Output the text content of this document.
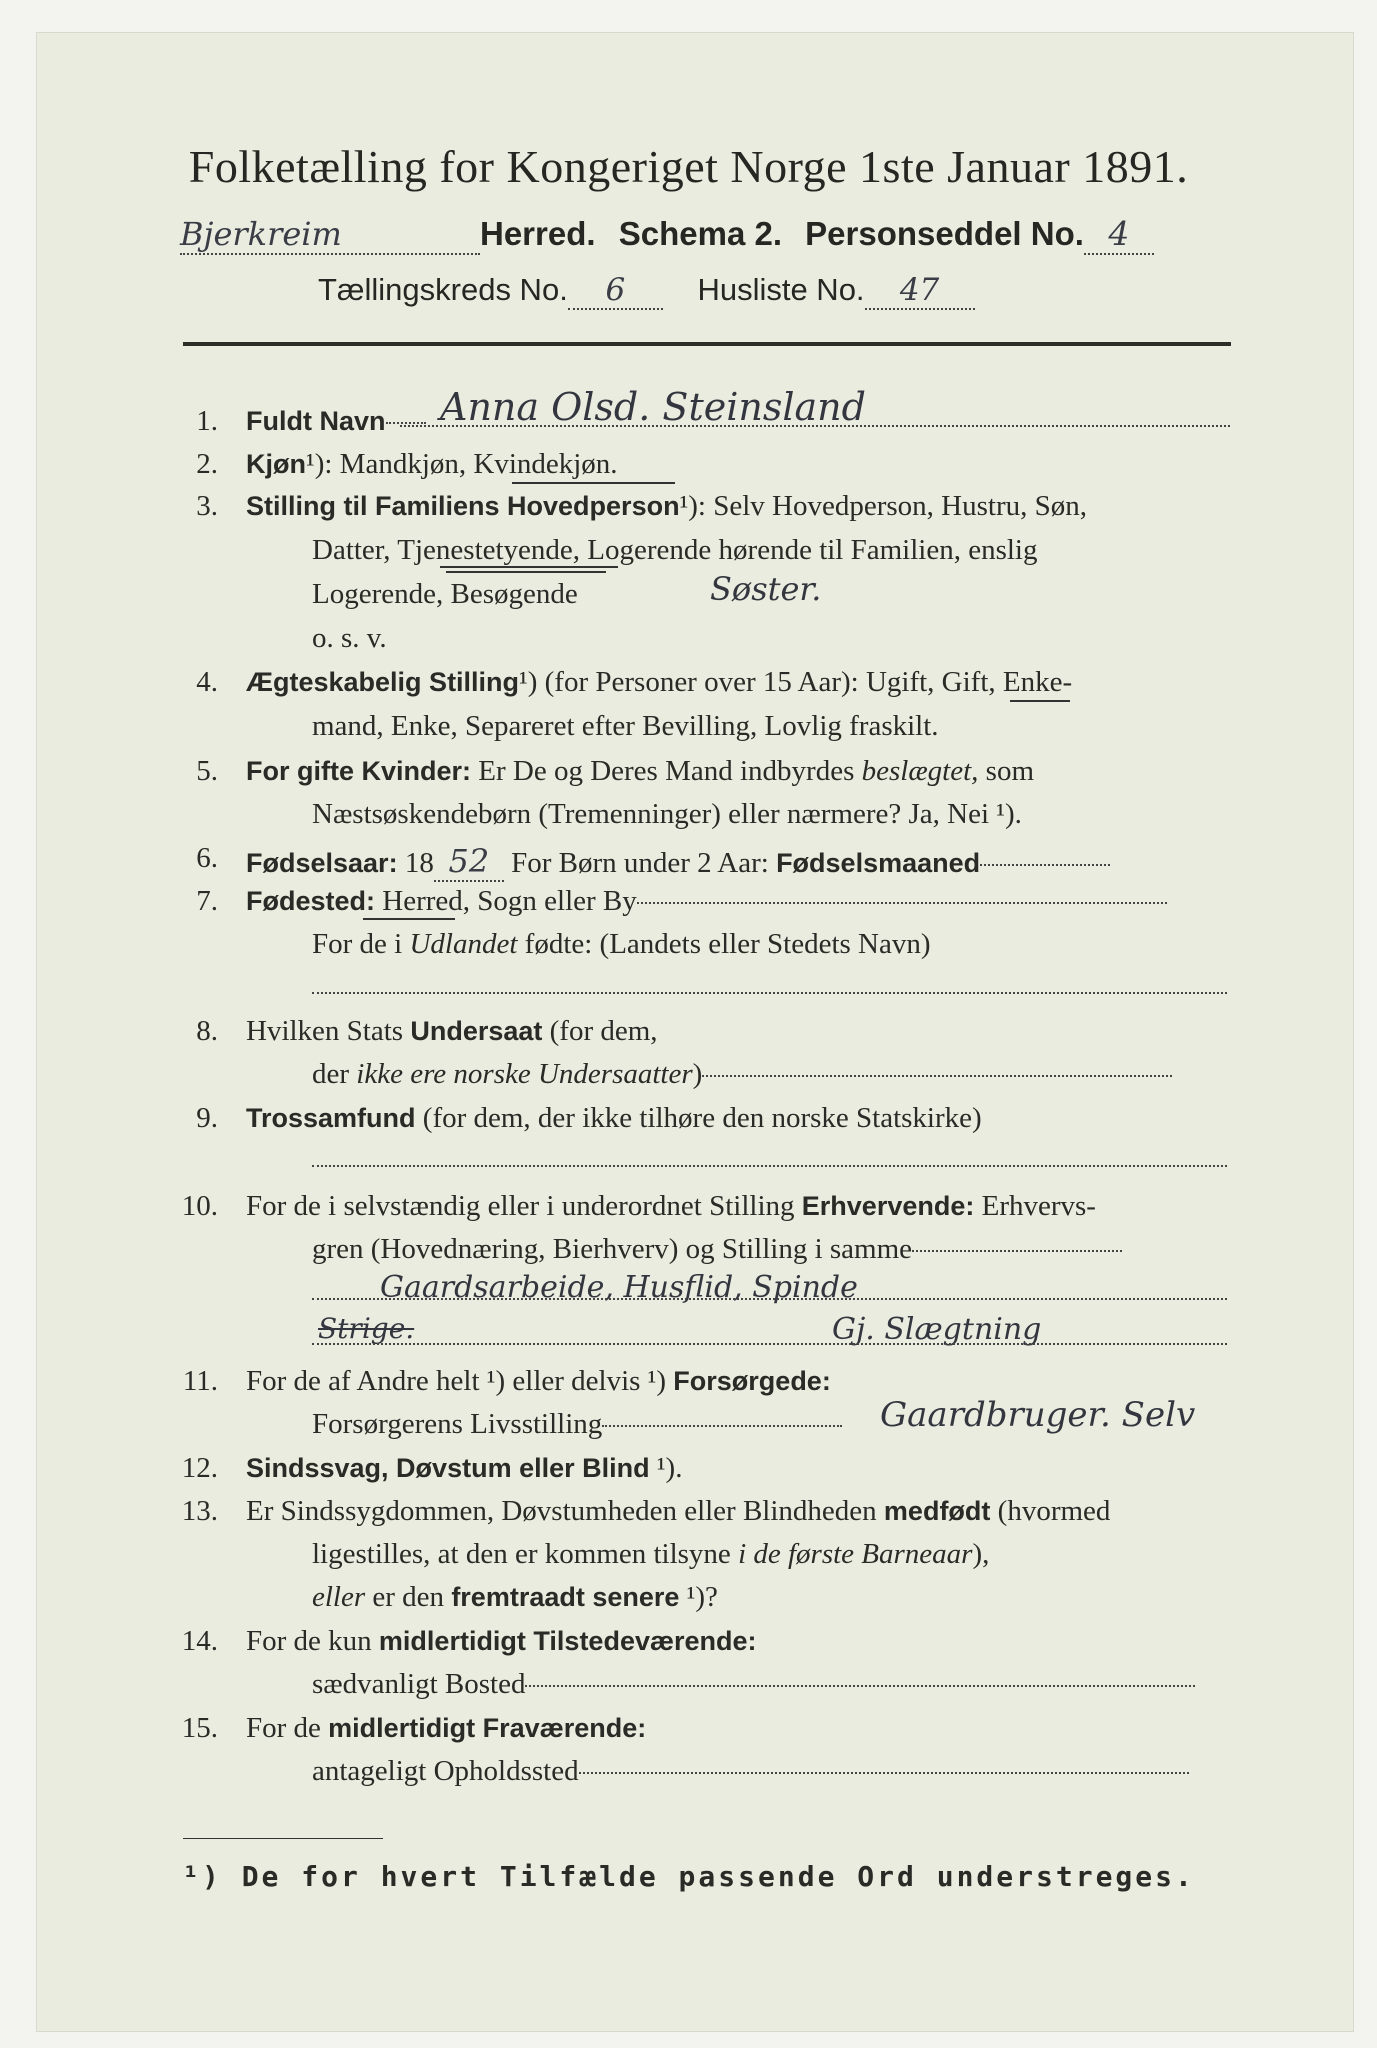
Folketælling for Kongeriget Norge 1ste Januar 1891.
Bjerkreim	Herred. Schema 2. Personseddel No. 4
Tællingskreds No. 6 Husliste No. 47
1. Fuldt Navn	Anna Olsd. Steinsland
2. Kjøn¹): Mandkjøn, Kvindekjøn.
3. Stilling til Familiens Hovedperson¹): Selv Hovedperson, Hustru, Søn,
Datter, Tjenestetyende, Logerende hørende til Familien, enslig
Logerende, Besøgende	Søster.
o. s. v.
4. Ægteskabelig Stilling¹) (for Personer over 15 Aar): Ugift, Gift, Enke-
mand, Enke, Separeret efter Bevilling, Lovlig fraskilt.
5. For gifte Kvinder: Er De og Deres Mand indbyrdes beslægtet, som
Næstsøskendebørn (Tremenninger) eller nærmere? Ja, Nei ¹).
6. Fødselsaar: 18 52 For Børn under 2 Aar: Fødselsmaaned
7. Fødested: Herred, Sogn eller By
For de i Udlandet fødte: (Landets eller Stedets Navn)
8. Hvilken Stats Undersaat (for dem,
der ikke ere norske Undersaatter)
9. Trossamfund (for dem, der ikke tilhøre den norske Statskirke)
10. For de i selvstændig eller i underordnet Stilling Erhvervende: Erhvervs-
gren (Hovednæring, Bierhverv) og Stilling i samme
Gaardsarbeide, Husflid, Spinde
Strige.	Gj. Slægtning
11. For de af Andre helt ¹) eller delvis ¹) Forsørgede:
Forsørgerens Livsstilling	Gaardbruger. Selv
12. Sindssvag, Døvstum eller Blind ¹).
13. Er Sindssygdommen, Døvstumheden eller Blindheden medfødt (hvormed
ligestilles, at den er kommen tilsyne i de første Barneaar),
eller er den fremtraadt senere ¹)?
14. For de kun midlertidigt Tilstedeværende:
sædvanligt Bosted
15. For de midlertidigt Fraværende:
antageligt Opholdssted
¹) De for hvert Tilfælde passende Ord understreges.
